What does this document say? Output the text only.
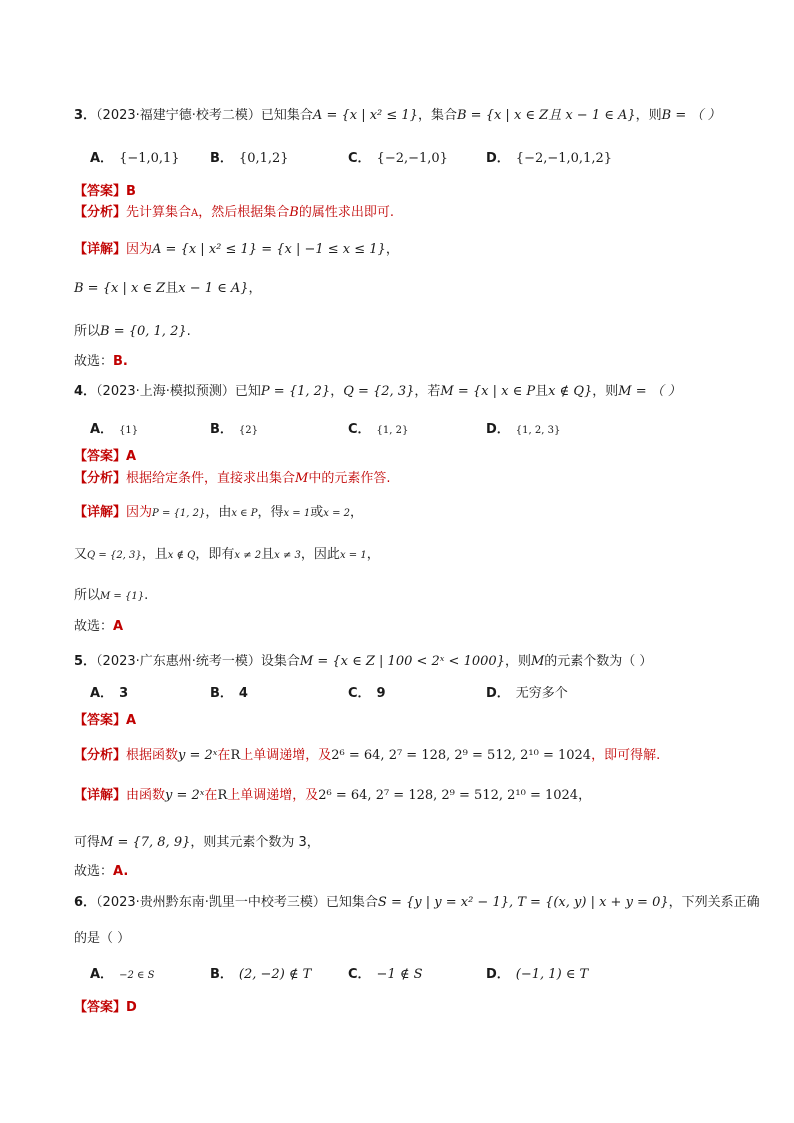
3．（2023·福建宁德·校考二模）已知集合A = {x | x² ≤ 1}，集合B = {x | x ∈ Z且 x − 1 ∈ A}，则B = （ ）
A． {−1,0,1} B． {0,1,2}	C． {−2,−1,0}	D． {−2,−1,0,1,2}
【答案】B
【分析】先计算集合A，然后根据集合B的属性求出即可.
【详解】因为A = {x | x² ≤ 1} = {x | −1 ≤ x ≤ 1}，
B = {x | x ∈ Z且x − 1 ∈ A}，
所以B = {0, 1, 2}.
故选：B.
4．（2023·上海·模拟预测）已知P = {1, 2}，Q = {2, 3}，若M = {x | x ∈ P且x ∉ Q}，则M = （ ）
A． {1}	B． {2}	C． {1, 2}	D． {1, 2, 3}
【答案】A
【分析】根据给定条件，直接求出集合M中的元素作答.
【详解】因为P = {1, 2}，由x ∈ P，得x = 1或x = 2，
又Q = {2, 3}，且x ∉ Q，即有x ≠ 2且x ≠ 3，因此x = 1，
所以M = {1}.
故选：A
5．（2023·广东惠州·统考一模）设集合M = {x ∈ Z | 100 < 2ˣ < 1000}，则M的元素个数为（ ）
A． 3	B． 4	C． 9	D． 无穷多个
【答案】A
【分析】根据函数y = 2ˣ在R上单调递增，及2⁶ = 64, 2⁷ = 128, 2⁹ = 512, 2¹⁰ = 1024，即可得解.
【详解】由函数y = 2ˣ在R上单调递增，及2⁶ = 64, 2⁷ = 128, 2⁹ = 512, 2¹⁰ = 1024，
可得M = {7, 8, 9}，则其元素个数为 3，
故选：A.
6．（2023·贵州黔东南·凯里一中校考三模）已知集合S = {y | y = x² − 1}, T = {(x, y) | x + y = 0}，下列关系正确
的是（ ）
A． −2 ∈ S	B． (2, −2) ∉ T	C． −1 ∉ S	D． (−1, 1) ∈ T
【答案】D
